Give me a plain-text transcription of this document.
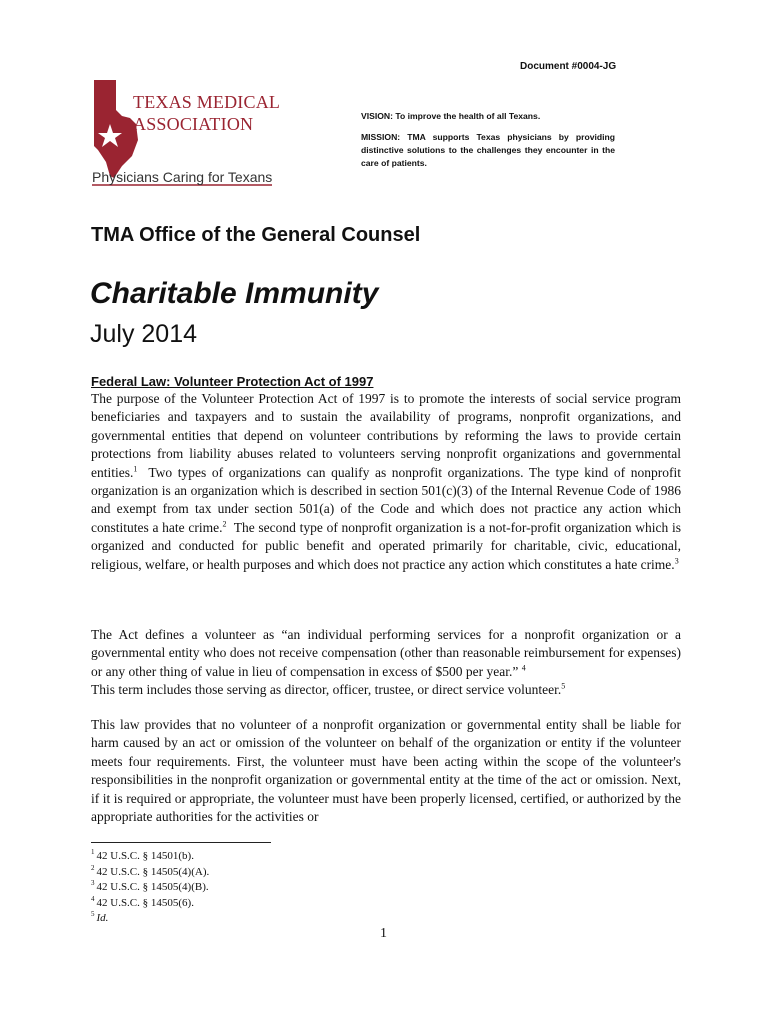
Document #0004-JG
TEXAS MEDICAL
ASSOCIATION
Physicians Caring for Texans
VISION: To improve the health of all Texans.
MISSION: TMA supports Texas physicians by providing distinctive solutions to the challenges they encounter in the care of patients.
TMA Office of the General Counsel
Charitable Immunity
July 2014
Federal Law: Volunteer Protection Act of 1997

The purpose of the Volunteer Protection Act of 1997 is to promote the interests of social service program beneficiaries and taxpayers and to sustain the availability of programs, nonprofit organizations, and governmental entities that depend on volunteer contributions by reforming the laws to provide certain protections from liability abuses related to volunteers serving nonprofit organizations and governmental entities.$^1$ Two types of organizations can qualify as nonprofit organizations. The type kind of nonprofit organization is an organization which is described in section 501(c)(3) of the Internal Revenue Code of 1986 and exempt from tax under section 501(a) of the Code and which does not practice any action which constitutes a hate crime.$^2$ The second type of nonprofit organization is a not-for-profit organization which is organized and conducted for public benefit and operated primarily for charitable, civic, educational, religious, welfare, or health purposes and which does not practice any action which constitutes a hate crime.$^3$

The Act defines a volunteer as “an individual performing services for a nonprofit organization or a governmental entity who does not receive compensation (other than reasonable reimbursement for expenses) or any other thing of value in lieu of compensation in excess of $500 per year.” $^4$
This term includes those serving as director, officer, trustee, or direct service volunteer.$^5$

This law provides that no volunteer of a nonprofit organization or governmental entity shall be liable for harm caused by an act or omission of the volunteer on behalf of the organization or entity if the volunteer meets four requirements. First, the volunteer must have been acting within the scope of the volunteer's responsibilities in the nonprofit organization or governmental entity at the time of the act or omission. Next, if it is required or appropriate, the volunteer must have been properly licensed, certified, or authorized by the appropriate authorities for the activities or

$^1$ 42 U.S.C. § 14501(b).
$^2$ 42 U.S.C. § 14505(4)(A).
$^3$ 42 U.S.C. § 14505(4)(B).
$^4$ 42 U.S.C. § 14505(6).
$^5$ Id.
1
